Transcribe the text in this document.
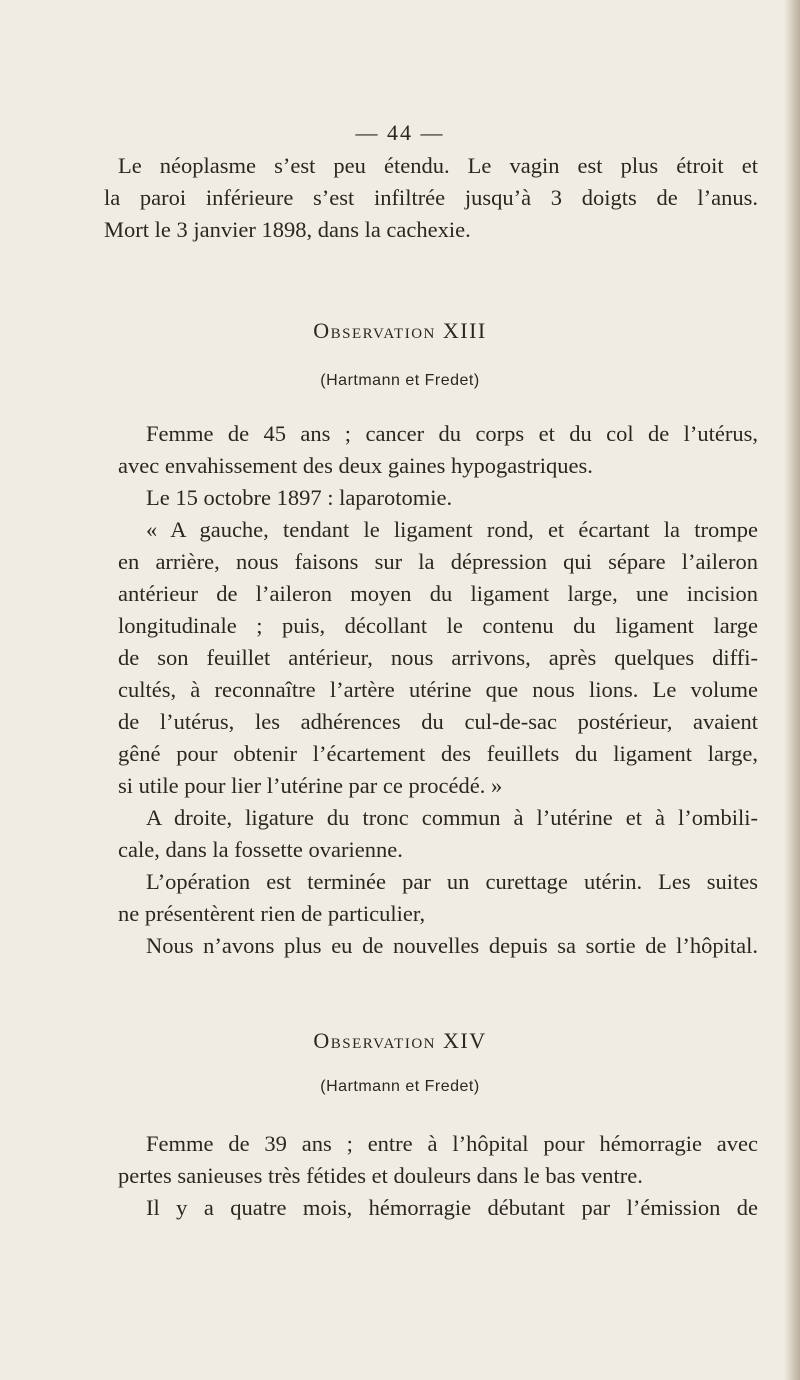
— 44 —

Le néoplasme s’est peu étendu. Le vagin est plus étroit et
la paroi inférieure s’est infiltrée jusqu’à 3 doigts de l’anus.
Mort le 3 janvier 1898, dans la cachexie.

Observation XIII
(Hartmann et Fredet)

Femme de 45 ans ; cancer du corps et du col de l’utérus,
avec envahissement des deux gaines hypogastriques.
Le 15 octobre 1897 : laparotomie.
« A gauche, tendant le ligament rond, et écartant la trompe
en arrière, nous faisons sur la dépression qui sépare l’aileron
antérieur de l’aileron moyen du ligament large, une incision
longitudinale ; puis, décollant le contenu du ligament large
de son feuillet antérieur, nous arrivons, après quelques diffi-
cultés, à reconnaître l’artère utérine que nous lions. Le volume
de l’utérus, les adhérences du cul-de-sac postérieur, avaient
gêné pour obtenir l’écartement des feuillets du ligament large,
si utile pour lier l’utérine par ce procédé. »
A droite, ligature du tronc commun à l’utérine et à l’ombili-
cale, dans la fossette ovarienne.
L’opération est terminée par un curettage utérin. Les suites
ne présentèrent rien de particulier,
Nous n’avons plus eu de nouvelles depuis sa sortie de l’hôpital.

Observation XIV
(Hartmann et Fredet)

Femme de 39 ans ; entre à l’hôpital pour hémorragie avec
pertes sanieuses très fétides et douleurs dans le bas ventre.
Il y a quatre mois, hémorragie débutant par l’émission de
